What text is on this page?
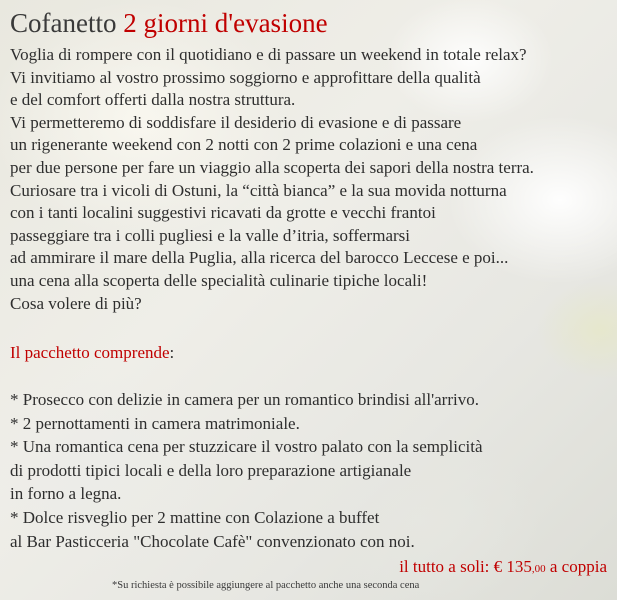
Cofanetto 2 giorni d'evasione
Voglia di rompere con il quotidiano e di passare un weekend in totale relax?
Vi invitiamo al vostro prossimo soggiorno e approfittare della qualità
e del comfort offerti dalla nostra struttura.
Vi permetteremo di soddisfare il desiderio di evasione e di passare
un rigenerante weekend con 2 notti con 2 prime colazioni e una cena
per due persone per fare un viaggio alla scoperta dei sapori della nostra terra.
Curiosare tra i vicoli di Ostuni, la “città bianca” e la sua movida notturna
con i tanti localini suggestivi ricavati da grotte e vecchi frantoi
passeggiare tra i colli pugliesi e la valle d’itria, soffermarsi
ad ammirare il mare della Puglia, alla ricerca del barocco Leccese e poi...
una cena alla scoperta delle specialità culinarie tipiche locali!
Cosa volere di più?
Il pacchetto comprende:
* Prosecco con delizie in camera per un romantico brindisi all'arrivo.
* 2 pernottamenti in camera matrimoniale.
* Una romantica cena per stuzzicare il vostro palato con la semplicità
di prodotti tipici locali e della loro preparazione artigianale
in forno a legna.
* Dolce risveglio per 2 mattine con Colazione a buffet
al Bar Pasticceria "Chocolate Cafè" convenzionato con noi.
il tutto a soli: € 135,00 a coppia
*Su richiesta è possibile aggiungere al pacchetto anche una seconda cena
